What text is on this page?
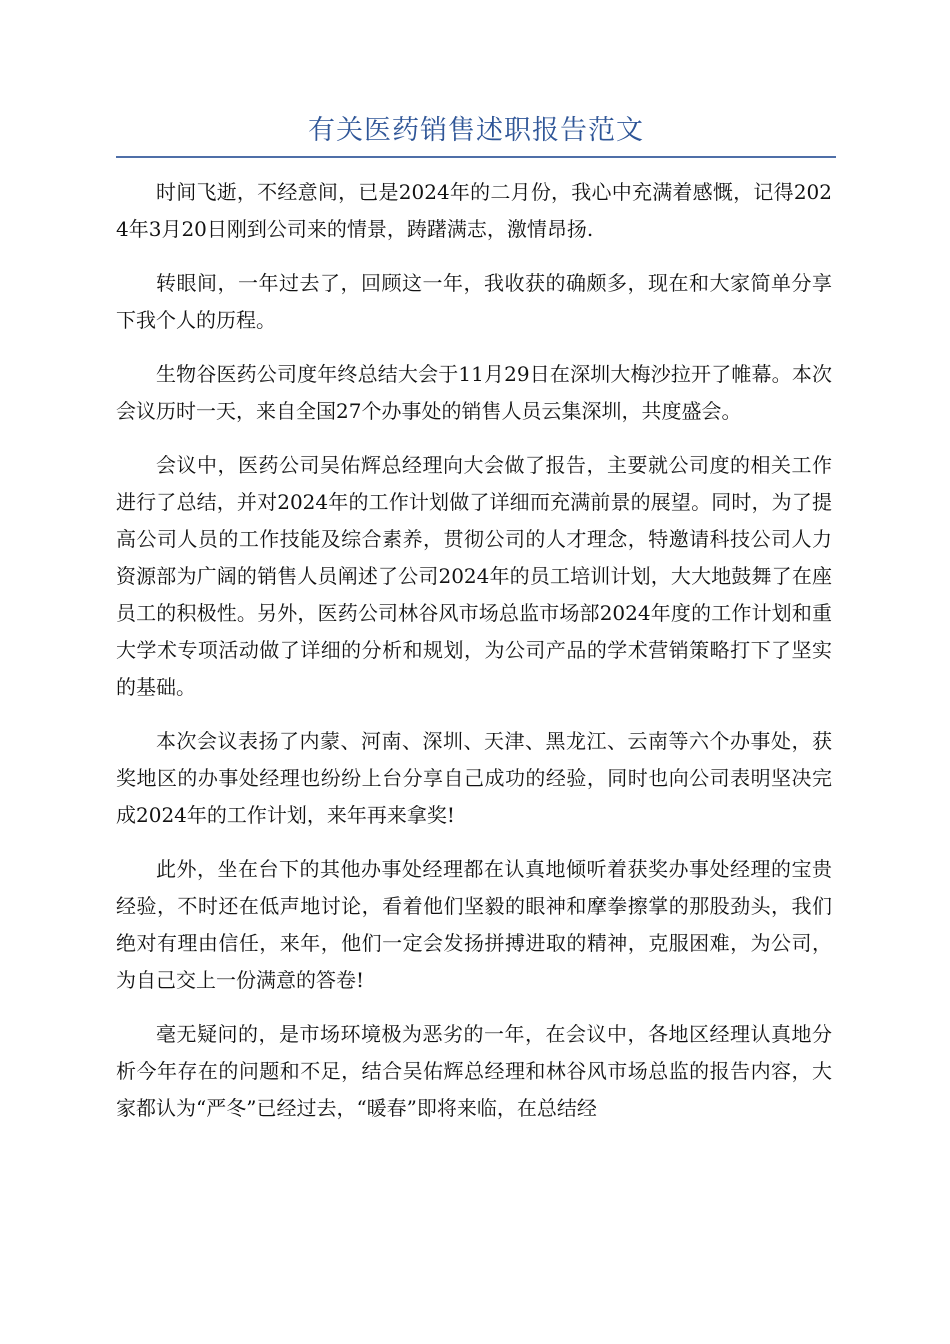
有关医药销售述职报告范文

时间飞逝，不经意间，已是2024年的二月份，我心中充满着感慨，记得2024年3月20日刚到公司来的情景，踌躇满志，激情昂扬.

转眼间，一年过去了，回顾这一年，我收获的确颇多，现在和大家简单分享下我个人的历程。

生物谷医药公司度年终总结大会于11月29日在深圳大梅沙拉开了帷幕。本次会议历时一天，来自全国27个办事处的销售人员云集深圳，共度盛会。

会议中，医药公司吴佑辉总经理向大会做了报告，主要就公司度的相关工作进行了总结，并对2024年的工作计划做了详细而充满前景的展望。同时，为了提高公司人员的工作技能及综合素养，贯彻公司的人才理念，特邀请科技公司人力资源部为广阔的销售人员阐述了公司2024年的员工培训计划，大大地鼓舞了在座员工的积极性。另外，医药公司林谷风市场总监市场部2024年度的工作计划和重大学术专项活动做了详细的分析和规划，为公司产品的学术营销策略打下了坚实的基础。

本次会议表扬了内蒙、河南、深圳、天津、黑龙江、云南等六个办事处，获奖地区的办事处经理也纷纷上台分享自己成功的经验，同时也向公司表明坚决完成2024年的工作计划，来年再来拿奖!

此外，坐在台下的其他办事处经理都在认真地倾听着获奖办事处经理的宝贵经验，不时还在低声地讨论，看着他们坚毅的眼神和摩拳擦掌的那股劲头，我们绝对有理由信任，来年，他们一定会发扬拼搏进取的精神，克服困难，为公司，为自己交上一份满意的答卷!

毫无疑问的，是市场环境极为恶劣的一年，在会议中，各地区经理认真地分析今年存在的问题和不足，结合吴佑辉总经理和林谷风市场总监的报告内容，大家都认为“严冬”已经过去，“暖春”即将来临，在总结经
